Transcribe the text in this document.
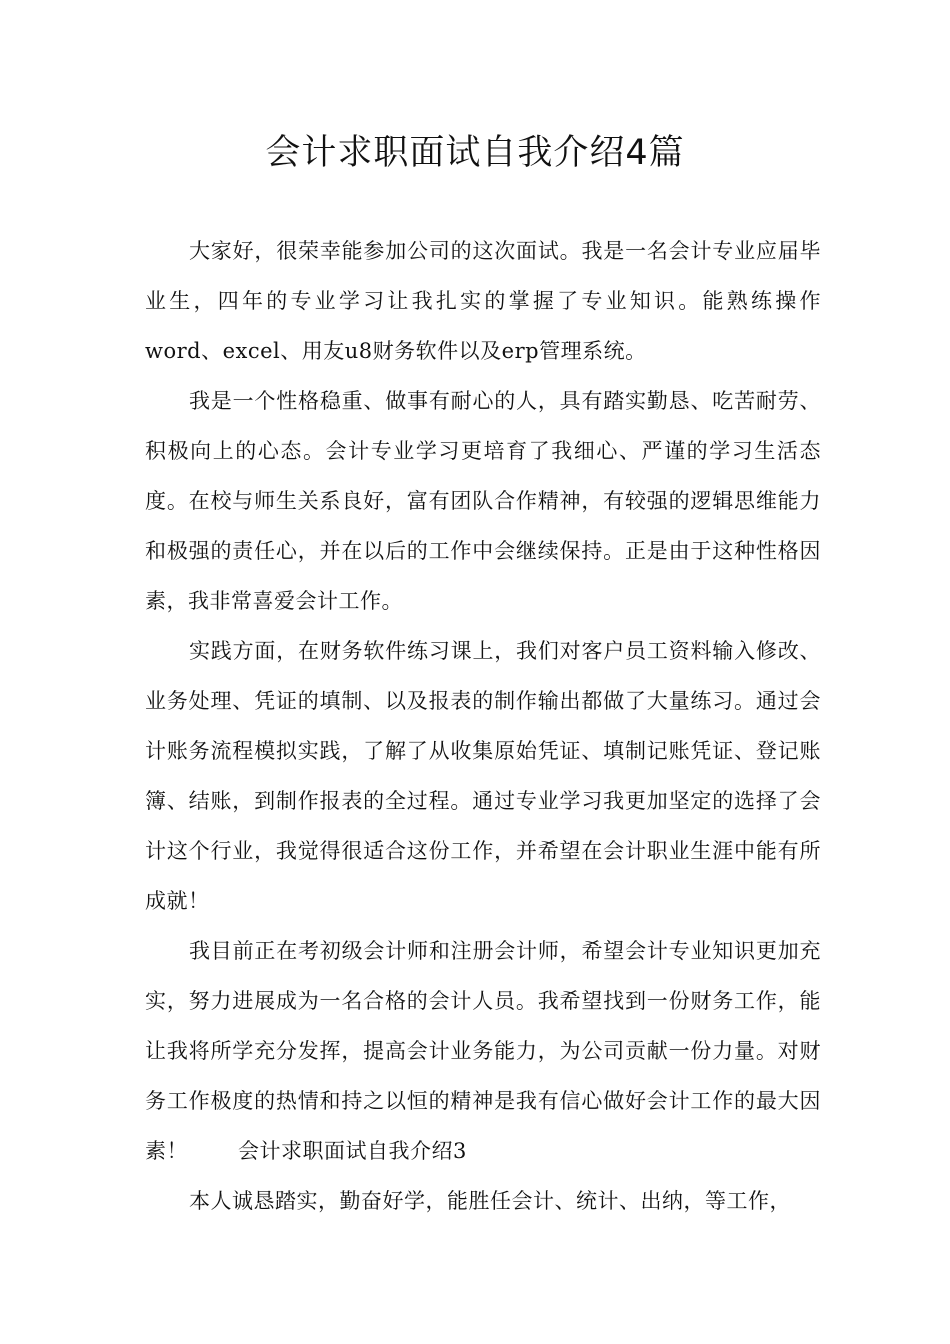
会计求职面试自我介绍4篇

大家好，很荣幸能参加公司的这次面试。我是一名会计专业应届毕业生，四年的专业学习让我扎实的掌握了专业知识。能熟练操作word、excel、用友u8财务软件以及erp管理系统。

我是一个性格稳重、做事有耐心的人，具有踏实勤恳、吃苦耐劳、积极向上的心态。会计专业学习更培育了我细心、严谨的学习生活态度。在校与师生关系良好，富有团队合作精神，有较强的逻辑思维能力和极强的责任心，并在以后的工作中会继续保持。正是由于这种性格因素，我非常喜爱会计工作。

实践方面，在财务软件练习课上，我们对客户员工资料输入修改、业务处理、凭证的填制、以及报表的制作输出都做了大量练习。通过会计账务流程模拟实践，了解了从收集原始凭证、填制记账凭证、登记账簿、结账，到制作报表的全过程。通过专业学习我更加坚定的选择了会计这个行业，我觉得很适合这份工作，并希望在会计职业生涯中能有所成就！

我目前正在考初级会计师和注册会计师，希望会计专业知识更加充实，努力进展成为一名合格的会计人员。我希望找到一份财务工作，能让我将所学充分发挥，提高会计业务能力，为公司贡献一份力量。对财务工作极度的热情和持之以恒的精神是我有信心做好会计工作的最大因素！ 会计求职面试自我介绍3

本人诚恳踏实，勤奋好学，能胜任会计、统计、出纳，等工作，
